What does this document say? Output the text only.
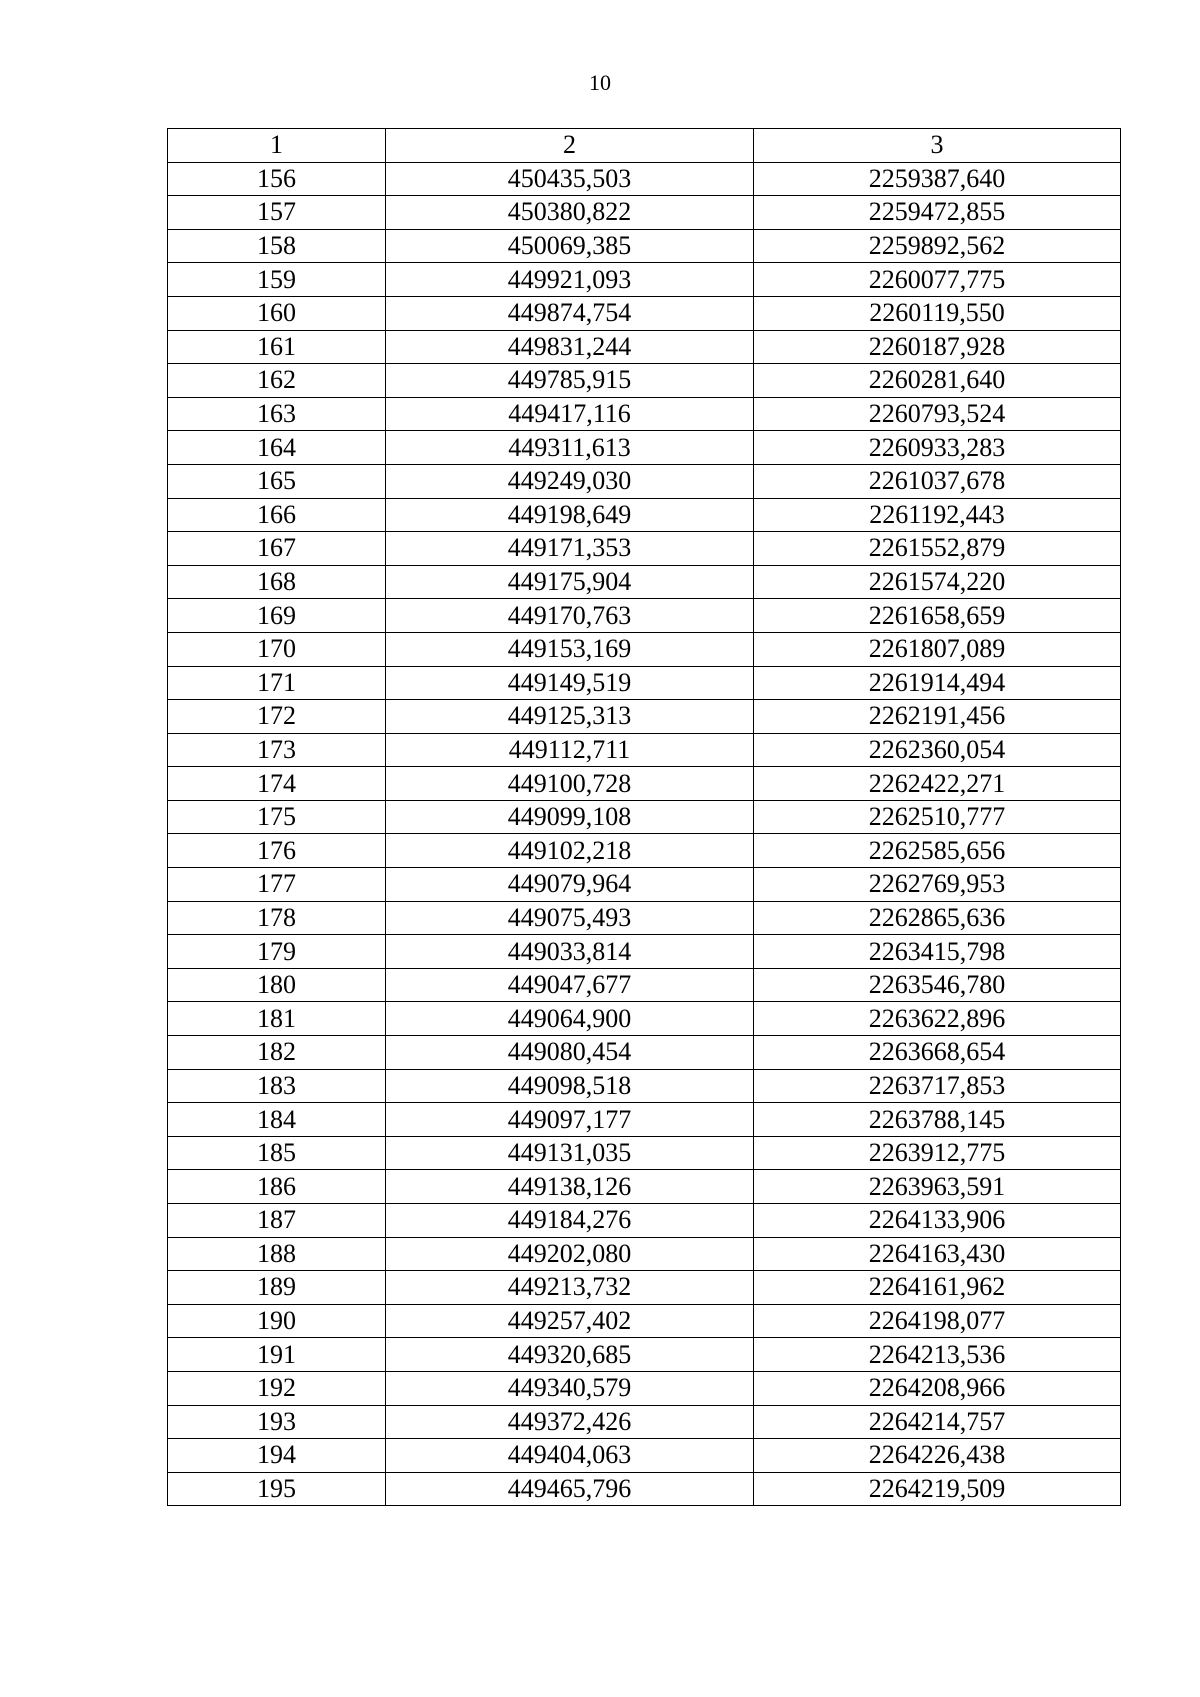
10
1	2	3
156	450435,503	2259387,640
157	450380,822	2259472,855
158	450069,385	2259892,562
159	449921,093	2260077,775
160	449874,754	2260119,550
161	449831,244	2260187,928
162	449785,915	2260281,640
163	449417,116	2260793,524
164	449311,613	2260933,283
165	449249,030	2261037,678
166	449198,649	2261192,443
167	449171,353	2261552,879
168	449175,904	2261574,220
169	449170,763	2261658,659
170	449153,169	2261807,089
171	449149,519	2261914,494
172	449125,313	2262191,456
173	449112,711	2262360,054
174	449100,728	2262422,271
175	449099,108	2262510,777
176	449102,218	2262585,656
177	449079,964	2262769,953
178	449075,493	2262865,636
179	449033,814	2263415,798
180	449047,677	2263546,780
181	449064,900	2263622,896
182	449080,454	2263668,654
183	449098,518	2263717,853
184	449097,177	2263788,145
185	449131,035	2263912,775
186	449138,126	2263963,591
187	449184,276	2264133,906
188	449202,080	2264163,430
189	449213,732	2264161,962
190	449257,402	2264198,077
191	449320,685	2264213,536
192	449340,579	2264208,966
193	449372,426	2264214,757
194	449404,063	2264226,438
195	449465,796	2264219,509
